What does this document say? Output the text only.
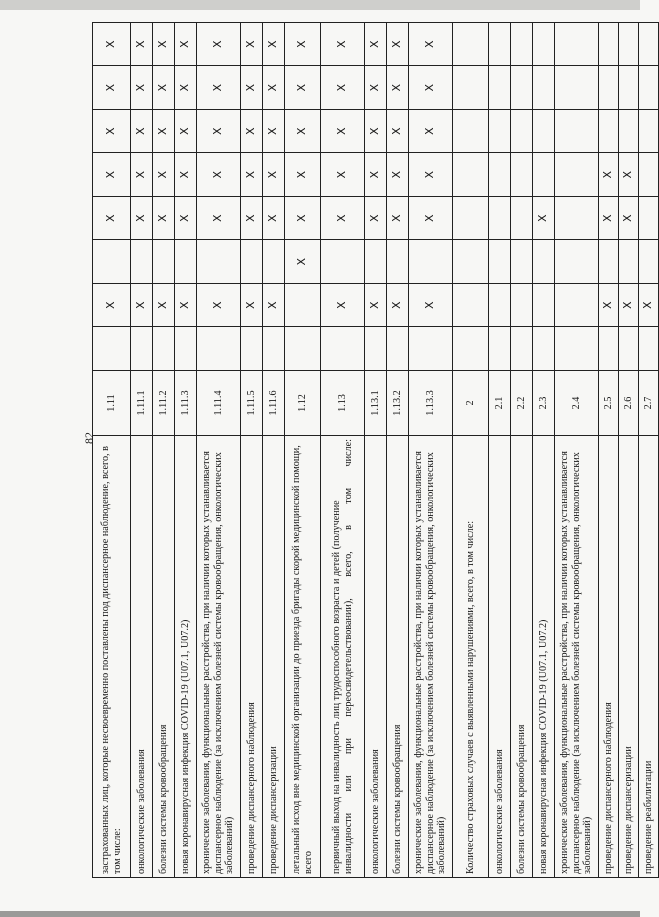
82
застрахованных лиц, которые несвоевременно поставлены под диспансерное наблюдение, всего, в том числе:	1.11		X		X	X	X	X	X
онкологические заболевания	1.11.1		X		X	X	X	X	X
болезни системы кровообращения	1.11.2		X		X	X	X	X	X
новая коронавирусная инфекция COVID-19 (U07.1, U07.2)	1.11.3		X		X	X	X	X	X
хронические заболевания, функциональные расстройства, при наличии которых устанавливается диспансерное наблюдение (за исключением болезней системы кровообращения, онкологических заболеваний)	1.11.4		X		X	X	X	X	X
проведение диспансерного наблюдения	1.11.5		X		X	X	X	X	X
проведение диспансеризации	1.11.6		X		X	X	X	X	X
летальный исход вне медицинской организации до приезда бригады скорой медицинской помощи, всего	1.12			X	X	X	X	X	X
первичный выход на инвалидность лиц трудоспособного возраста и детей (получение инвалидности или при переосвидетельствовании), всего, в том числе:	1.13		X		X	X	X	X	X
онкологические заболевания	1.13.1		X		X	X	X	X	X
болезни системы кровообращения	1.13.2		X		X	X	X	X	X
хронические заболевания, функциональные расстройства, при наличии которых устанавливается диспансерное наблюдение (за исключением болезней системы кровообращения, онкологических заболеваний)	1.13.3		X		X	X	X	X	X
Количество страховых случаев с выявленными нарушениями, всего, в том числе:	2								
онкологические заболевания	2.1								
болезни системы кровообращения	2.2								
новая коронавирусная инфекция COVID-19 (U07.1, U07.2)	2.3				X				
хронические заболевания, функциональные расстройства, при наличии которых устанавливается диспансерное наблюдение (за исключением болезней системы кровообращения, онкологических заболеваний)	2.4								
проведение диспансерного наблюдения	2.5		X		X	X			
проведение диспансеризации	2.6		X		X	X			
проведение реабилитации	2.7		X						
